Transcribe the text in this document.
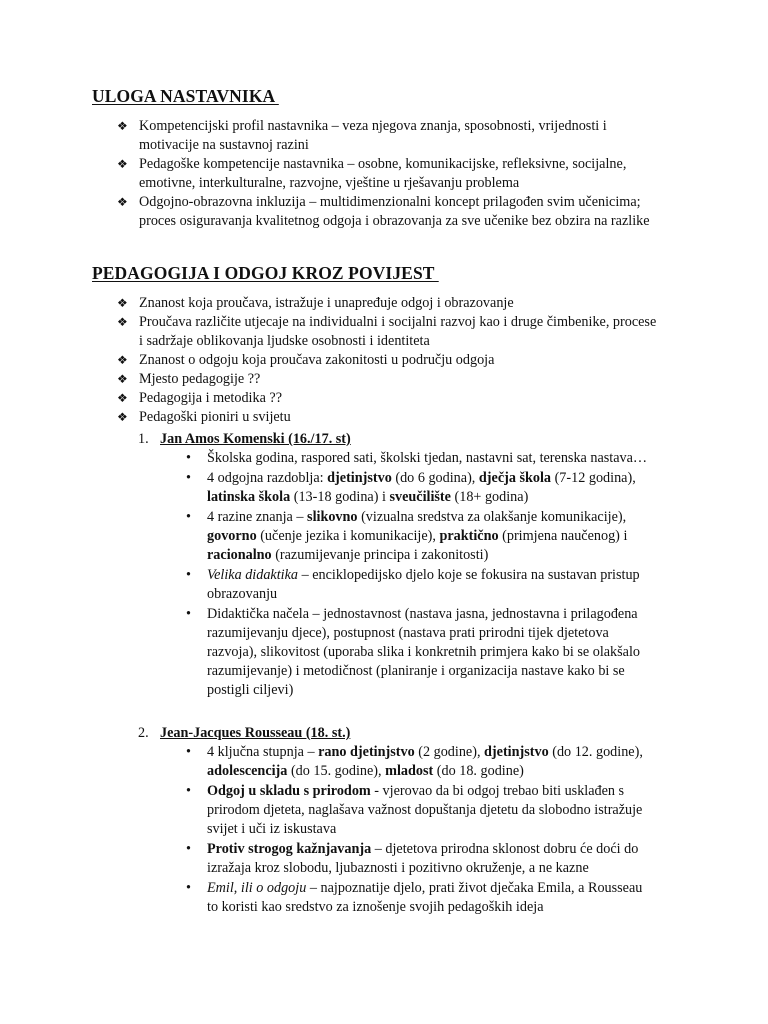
ULOGA NASTAVNIKA
❖ Kompetencijski profil nastavnika – veza njegova znanja, sposobnosti, vrijednosti i motivacije na sustavnoj razini
❖ Pedagoške kompetencije nastavnika – osobne, komunikacijske, refleksivne, socijalne, emotivne, interkulturalne, razvojne, vještine u rješavanju problema
❖ Odgojno-obrazovna inkluzija – multidimenzionalni koncept prilagođen svim učenicima; proces osiguravanja kvalitetnog odgoja i obrazovanja za sve učenike bez obzira na razlike
PEDAGOGIJA I ODGOJ KROZ POVIJEST
❖ Znanost koja proučava, istražuje i unapređuje odgoj i obrazovanje
❖ Proučava različite utjecaje na individualni i socijalni razvoj kao i druge čimbenike, procese i sadržaje oblikovanja ljudske osobnosti i identiteta
❖ Znanost o odgoju koja proučava zakonitosti u području odgoja
❖ Mjesto pedagogije ??
❖ Pedagogija i metodika ??
❖ Pedagoški pioniri u svijetu
1. Jan Amos Komenski (16./17. st)
• Školska godina, raspored sati, školski tjedan, nastavni sat, terenska nastava…
• 4 odgojna razdoblja: djetinjstvo (do 6 godina), dječja škola (7-12 godina), latinska škola (13-18 godina) i sveučilište (18+ godina)
• 4 razine znanja – slikovno (vizualna sredstva za olakšanje komunikacije), govorno (učenje jezika i komunikacije), praktično (primjena naučenog) i racionalno (razumijevanje principa i zakonitosti)
• Velika didaktika – enciklopedijsko djelo koje se fokusira na sustavan pristup obrazovanju
• Didaktička načela – jednostavnost (nastava jasna, jednostavna i prilagođena razumijevanju djece), postupnost (nastava prati prirodni tijek djetetova razvoja), slikovitost (uporaba slika i konkretnih primjera kako bi se olakšalo razumijevanje) i metodičnost (planiranje i organizacija nastave kako bi se postigli ciljevi)
2. Jean-Jacques Rousseau (18. st.)
• 4 ključna stupnja – rano djetinjstvo (2 godine), djetinjstvo (do 12. godine), adolescencija (do 15. godine), mladost (do 18. godine)
• Odgoj u skladu s prirodom - vjerovao da bi odgoj trebao biti usklađen s prirodom djeteta, naglašava važnost dopuštanja djetetu da slobodno istražuje svijet i uči iz iskustava
• Protiv strogog kažnjavanja – djetetova prirodna sklonost dobru će doći do izražaja kroz slobodu, ljubaznosti i pozitivno okruženje, a ne kazne
• Emil, ili o odgoju – najpoznatije djelo, prati život dječaka Emila, a Rousseau to koristi kao sredstvo za iznošenje svojih pedagoških ideja
